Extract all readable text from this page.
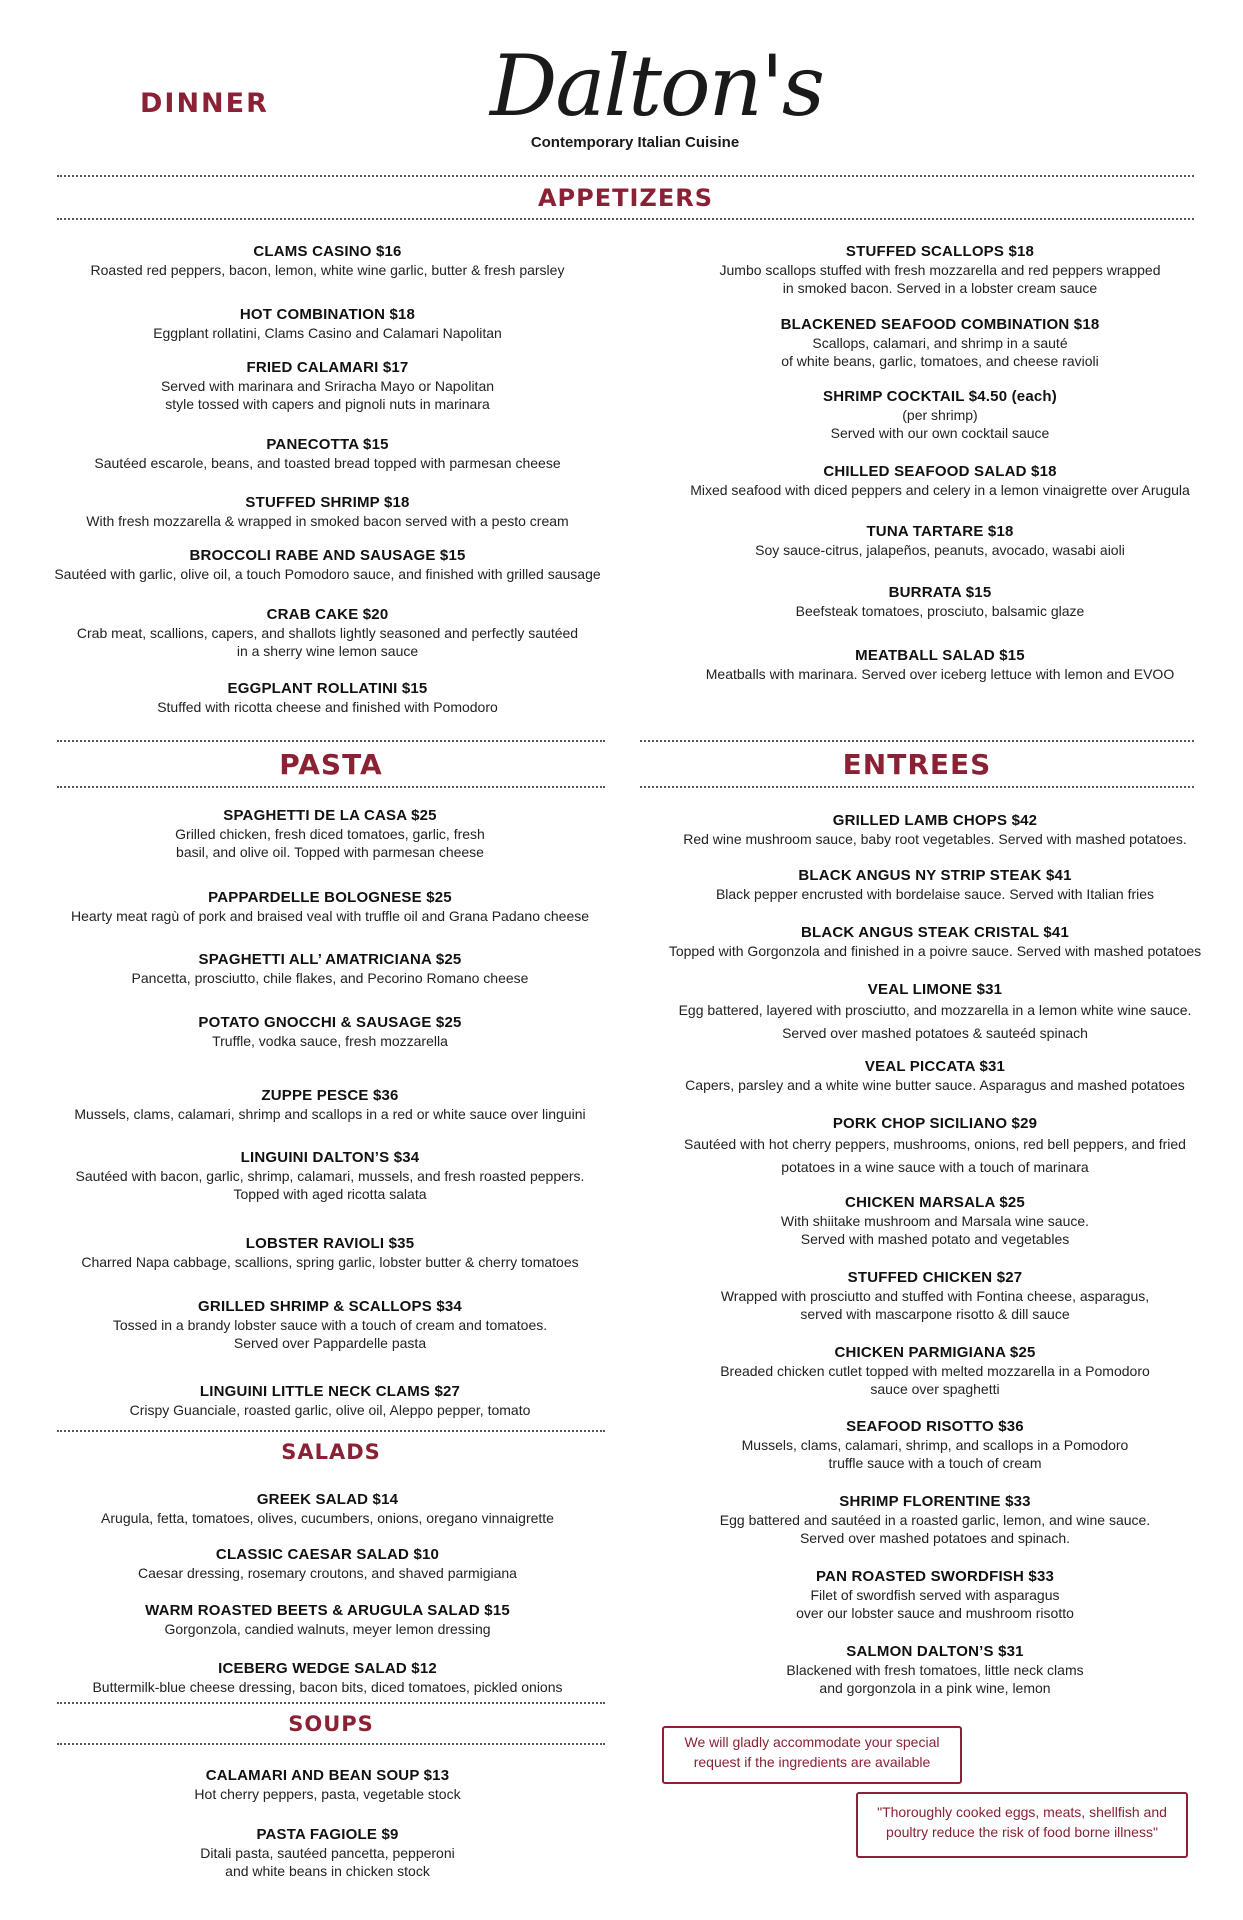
DINNER	Dalton's
Contemporary Italian Cuisine
APPETIZERS
CLAMS CASINO $16
Roasted red peppers, bacon, lemon, white wine garlic, butter & fresh parsley
HOT COMBINATION $18
Eggplant rollatini, Clams Casino and Calamari Napolitan
FRIED CALAMARI $17
Served with marinara and Sriracha Mayo or Napolitan
style tossed with capers and pignoli nuts in marinara
PANECOTTA $15
Sautéed escarole, beans, and toasted bread topped with parmesan cheese
STUFFED SHRIMP $18
With fresh mozzarella & wrapped in smoked bacon served with a pesto cream
BROCCOLI RABE AND SAUSAGE $15
Sautéed with garlic, olive oil, a touch Pomodoro sauce, and finished with grilled sausage
CRAB CAKE $20
Crab meat, scallions, capers, and shallots lightly seasoned and perfectly sautéed
in a sherry wine lemon sauce
EGGPLANT ROLLATINI $15
Stuffed with ricotta cheese and finished with Pomodoro
STUFFED SCALLOPS $18
Jumbo scallops stuffed with fresh mozzarella and red peppers wrapped
in smoked bacon. Served in a lobster cream sauce
BLACKENED SEAFOOD COMBINATION $18
Scallops, calamari, and shrimp in a sauté
of white beans, garlic, tomatoes, and cheese ravioli
SHRIMP COCKTAIL $4.50 (each)
(per shrimp)
Served with our own cocktail sauce
CHILLED SEAFOOD SALAD $18
Mixed seafood with diced peppers and celery in a lemon vinaigrette over Arugula
TUNA TARTARE $18
Soy sauce-citrus, jalapeños, peanuts, avocado, wasabi aioli
BURRATA $15
Beefsteak tomatoes, prosciuto, balsamic glaze
MEATBALL SALAD $15
Meatballs with marinara. Served over iceberg lettuce with lemon and EVOO
PASTA	ENTREES
SPAGHETTI DE LA CASA $25
Grilled chicken, fresh diced tomatoes, garlic, fresh
basil, and olive oil. Topped with parmesan cheese
PAPPARDELLE BOLOGNESE $25
Hearty meat ragù of pork and braised veal with truffle oil and Grana Padano cheese
SPAGHETTI ALL’ AMATRICIANA $25
Pancetta, prosciutto, chile flakes, and Pecorino Romano cheese
POTATO GNOCCHI & SAUSAGE $25
Truffle, vodka sauce, fresh mozzarella
ZUPPE PESCE $36
Mussels, clams, calamari, shrimp and scallops in a red or white sauce over linguini
LINGUINI DALTON’S $34
Sautéed with bacon, garlic, shrimp, calamari, mussels, and fresh roasted peppers.
Topped with aged ricotta salata
LOBSTER RAVIOLI $35
Charred Napa cabbage, scallions, spring garlic, lobster butter & cherry tomatoes
GRILLED SHRIMP & SCALLOPS $34
Tossed in a brandy lobster sauce with a touch of cream and tomatoes.
Served over Pappardelle pasta
LINGUINI LITTLE NECK CLAMS $27
Crispy Guanciale, roasted garlic, olive oil, Aleppo pepper, tomato
GRILLED LAMB CHOPS $42
Red wine mushroom sauce, baby root vegetables. Served with mashed potatoes.
BLACK ANGUS NY STRIP STEAK $41
Black pepper encrusted with bordelaise sauce. Served with Italian fries
BLACK ANGUS STEAK CRISTAL $41
Topped with Gorgonzola and finished in a poivre sauce. Served with mashed potatoes
VEAL LIMONE $31
Egg battered, layered with prosciutto, and mozzarella in a lemon white wine sauce.
Served over mashed potatoes & sauteéd spinach
VEAL PICCATA $31
Capers, parsley and a white wine butter sauce. Asparagus and mashed potatoes
PORK CHOP SICILIANO $29
Sautéed with hot cherry peppers, mushrooms, onions, red bell peppers, and fried
potatoes in a wine sauce with a touch of marinara
CHICKEN MARSALA $25
With shiitake mushroom and Marsala wine sauce.
Served with mashed potato and vegetables
STUFFED CHICKEN $27
Wrapped with prosciutto and stuffed with Fontina cheese, asparagus,
served with mascarpone risotto & dill sauce
CHICKEN PARMIGIANA $25
Breaded chicken cutlet topped with melted mozzarella in a Pomodoro
sauce over spaghetti
SEAFOOD RISOTTO $36
Mussels, clams, calamari, shrimp, and scallops in a Pomodoro
truffle sauce with a touch of cream
SHRIMP FLORENTINE $33
Egg battered and sautéed in a roasted garlic, lemon, and wine sauce.
Served over mashed potatoes and spinach.
PAN ROASTED SWORDFISH $33
Filet of swordfish served with asparagus
over our lobster sauce and mushroom risotto
SALMON DALTON’S $31
Blackened with fresh tomatoes, little neck clams
and gorgonzola in a pink wine, lemon
SALADS
GREEK SALAD $14
Arugula, fetta, tomatoes, olives, cucumbers, onions, oregano vinnaigrette
CLASSIC CAESAR SALAD $10
Caesar dressing, rosemary croutons, and shaved parmigiana
WARM ROASTED BEETS & ARUGULA SALAD $15
Gorgonzola, candied walnuts, meyer lemon dressing
ICEBERG WEDGE SALAD $12
Buttermilk-blue cheese dressing, bacon bits, diced tomatoes, pickled onions
SOUPS
CALAMARI AND BEAN SOUP $13
Hot cherry peppers, pasta, vegetable stock
PASTA FAGIOLE $9
Ditali pasta, sautéed pancetta, pepperoni
and white beans in chicken stock
We will gladly accommodate your special
request if the ingredients are available
"Thoroughly cooked eggs, meats, shellfish and
poultry reduce the risk of food borne illness"
